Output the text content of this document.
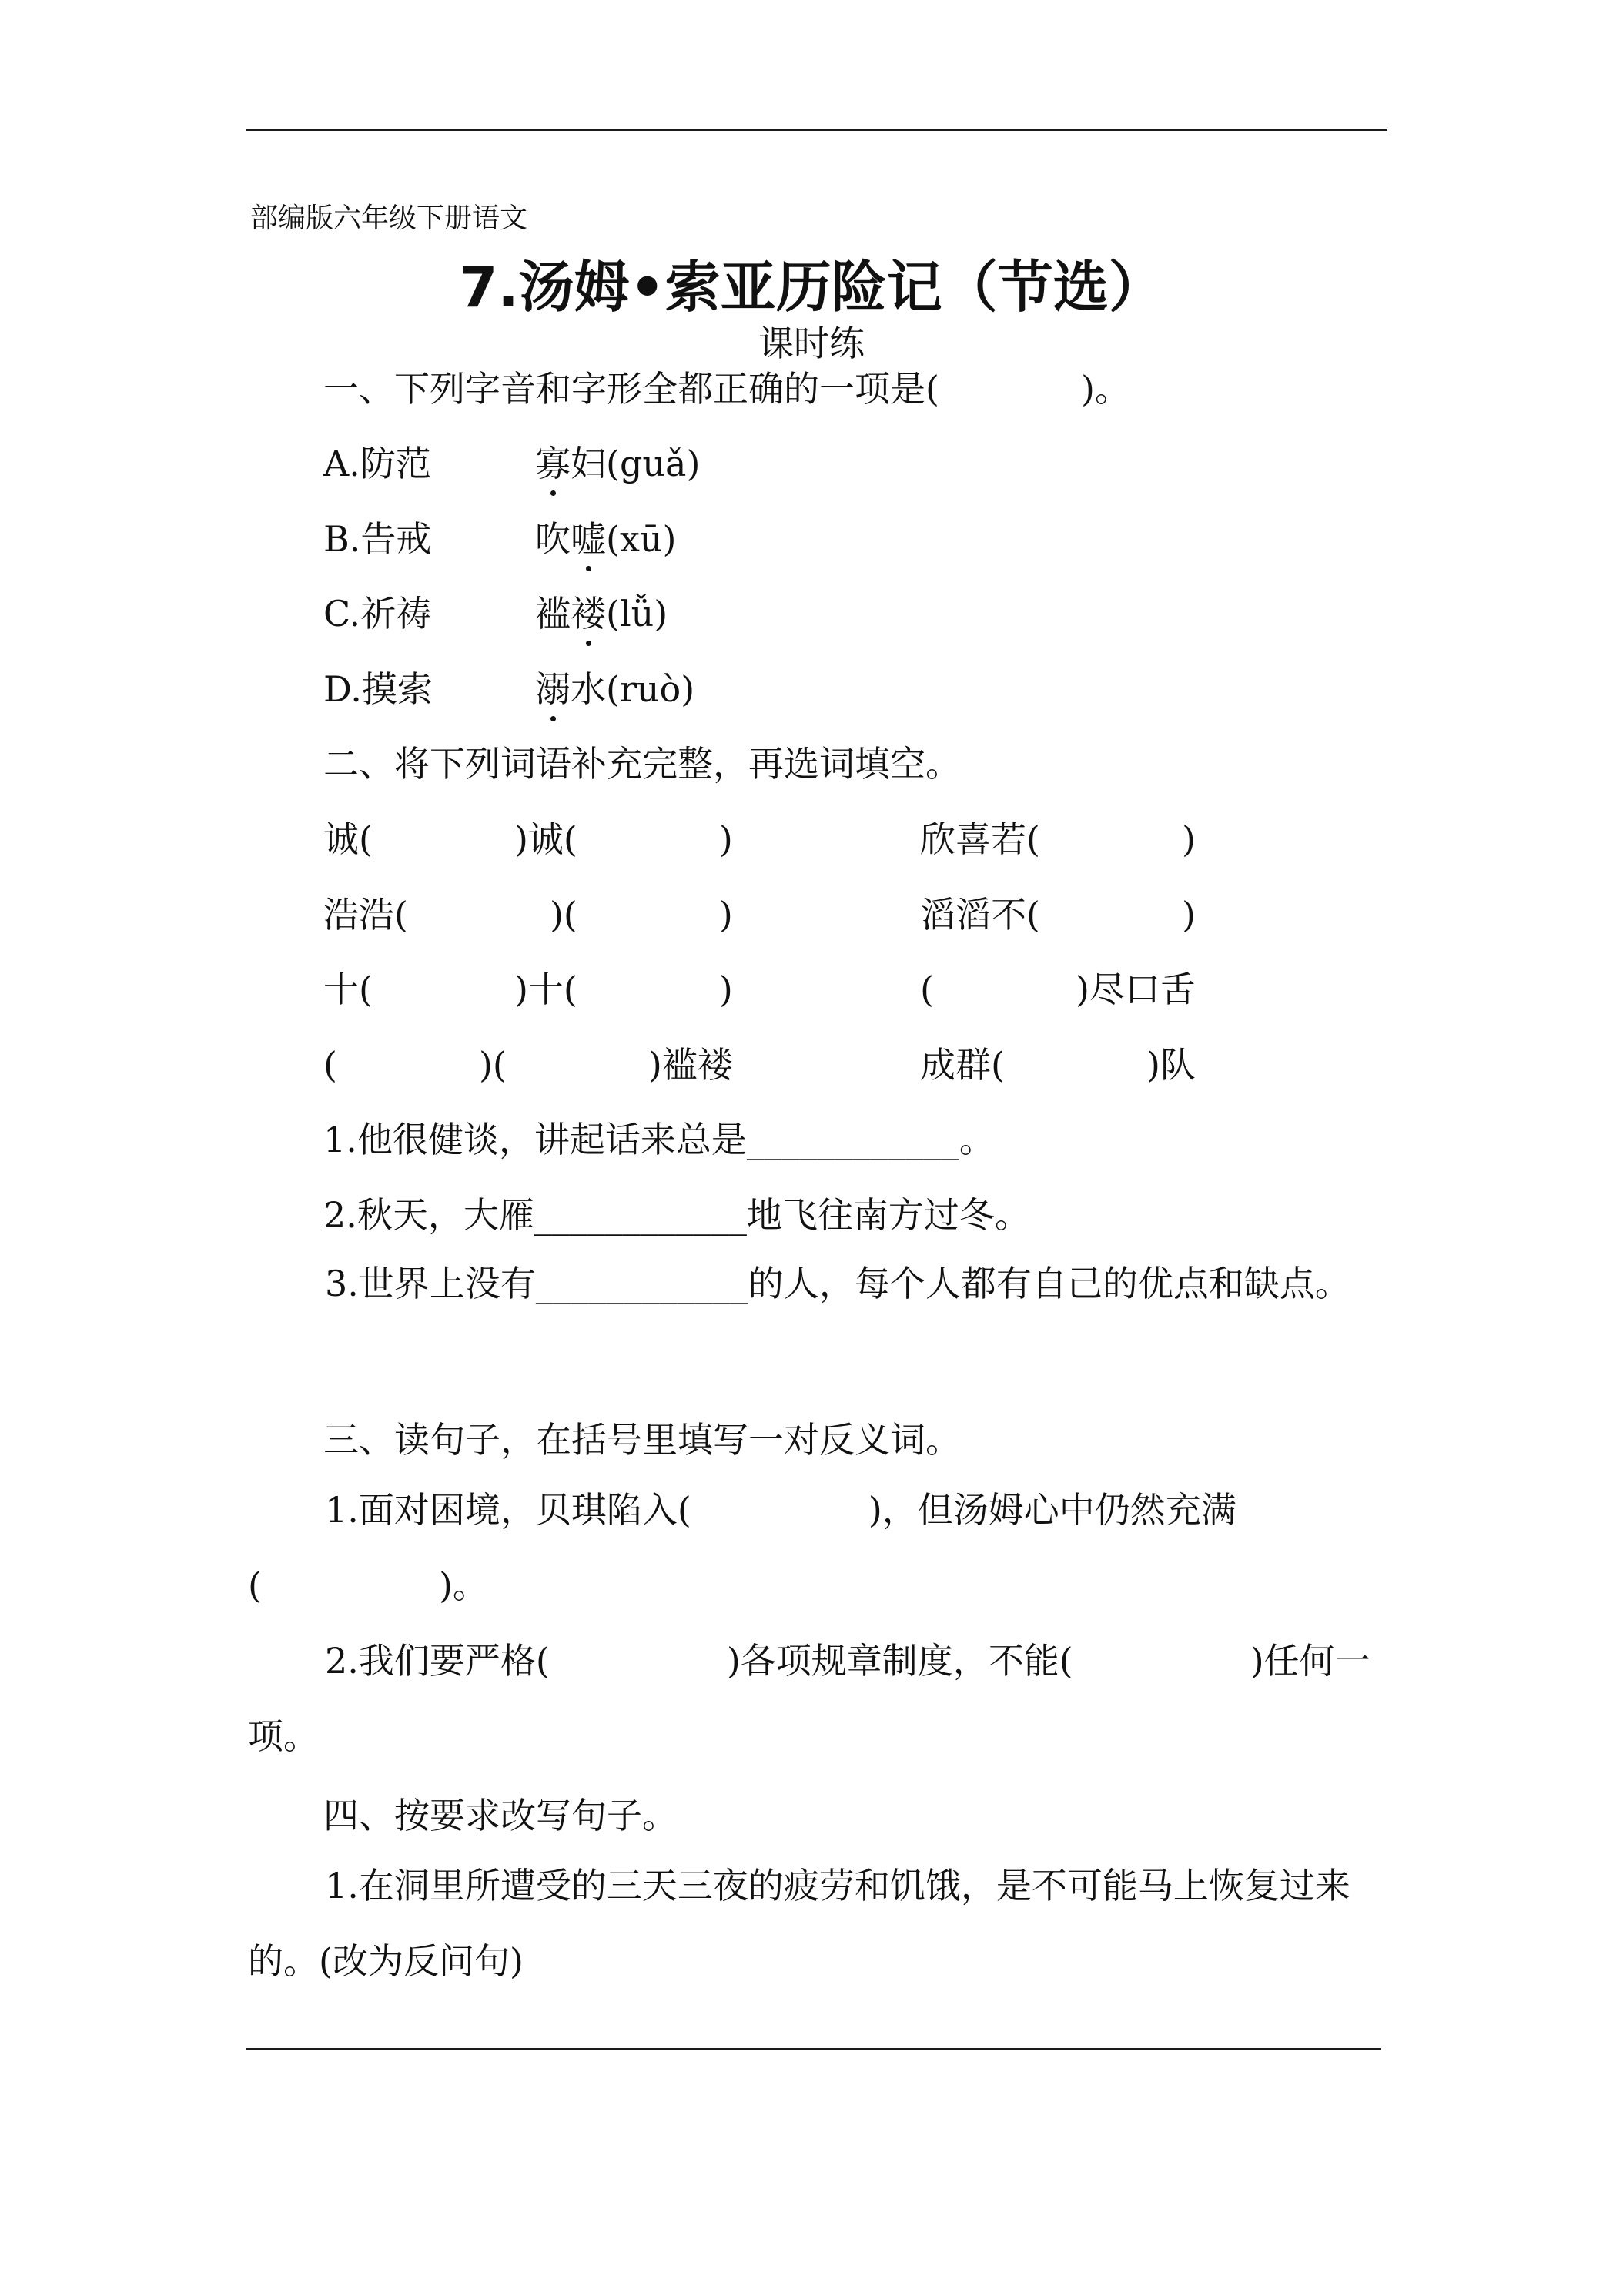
部编版六年级下册语文
7.汤姆•索亚历险记（节选）
课时练
一、下列字音和字形全都正确的一项是(　　　　)。
A.防范	寡妇(guǎ)
B.告戒	吹嘘(xū)
C.祈祷	褴褛(lǚ)
D.摸索	溺水(ruò)
二、将下列词语补充完整，再选词填空。
诚(　　　　)诚(　　　　)	欣喜若(　　　　)
浩浩(　　　　)(　　　　)	滔滔不(　　　　)
十(　　　　)十(　　　　)	(　　　　)尽口舌
(　　　　)(　　　　)褴褛	成群(　　　　)队
1.他很健谈，讲起话来总是____________。
2.秋天，大雁____________地飞往南方过冬。
3.世界上没有____________的人，每个人都有自己的优点和缺点。
三、读句子，在括号里填写一对反义词。
1.面对困境，贝琪陷入(　　　　　)，但汤姆心中仍然充满(　　　　　)。
2.我们要严格(　　　　　)各项规章制度，不能(　　　　　)任何一项。
四、按要求改写句子。
1.在洞里所遭受的三天三夜的疲劳和饥饿，是不可能马上恢复过来的。(改为反问句)
